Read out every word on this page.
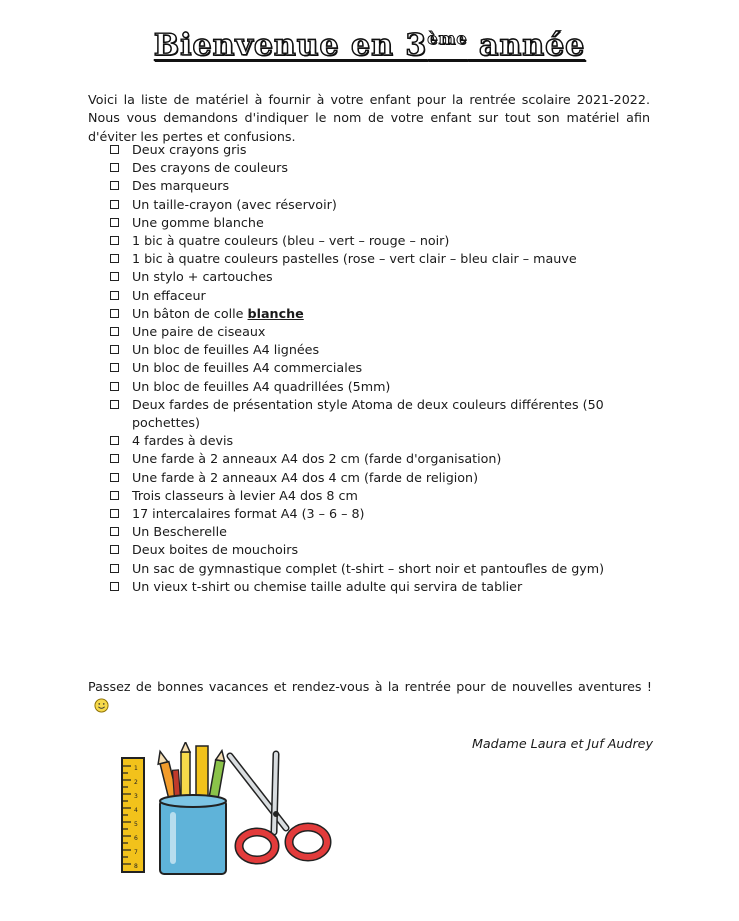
Bienvenue en 3ème année

Voici la liste de matériel à fournir à votre enfant pour la rentrée scolaire 2021-2022. Nous vous demandons d'indiquer le nom de votre enfant sur tout son matériel afin d'éviter les pertes et confusions.

Deux crayons gris
Des crayons de couleurs
Des marqueurs
Un taille-crayon (avec réservoir)
Une gomme blanche
1 bic à quatre couleurs (bleu – vert – rouge – noir)
1 bic à quatre couleurs pastelles (rose – vert clair – bleu clair – mauve
Un stylo + cartouches
Un effaceur
Un bâton de colle blanche
Une paire de ciseaux
Un bloc de feuilles A4 lignées
Un bloc de feuilles A4 commerciales
Un bloc de feuilles A4 quadrillées (5mm)
Deux fardes de présentation style Atoma de deux couleurs différentes (50 pochettes)
4 fardes à devis
Une farde à 2 anneaux A4 dos 2 cm (farde d'organisation)
Une farde à 2 anneaux A4 dos 4 cm (farde de religion)
Trois classeurs à levier A4 dos 8 cm
17 intercalaires format A4 (3 – 6 – 8)
Un Bescherelle
Deux boites de mouchoirs
Un sac de gymnastique complet (t-shirt – short noir et pantoufles de gym)
Un vieux t-shirt ou chemise taille adulte qui servira de tablier

Passez de bonnes vacances et rendez-vous à la rentrée pour de nouvelles aventures !

Madame Laura et Juf Audrey
1
2
3
4
5
6
7
8
